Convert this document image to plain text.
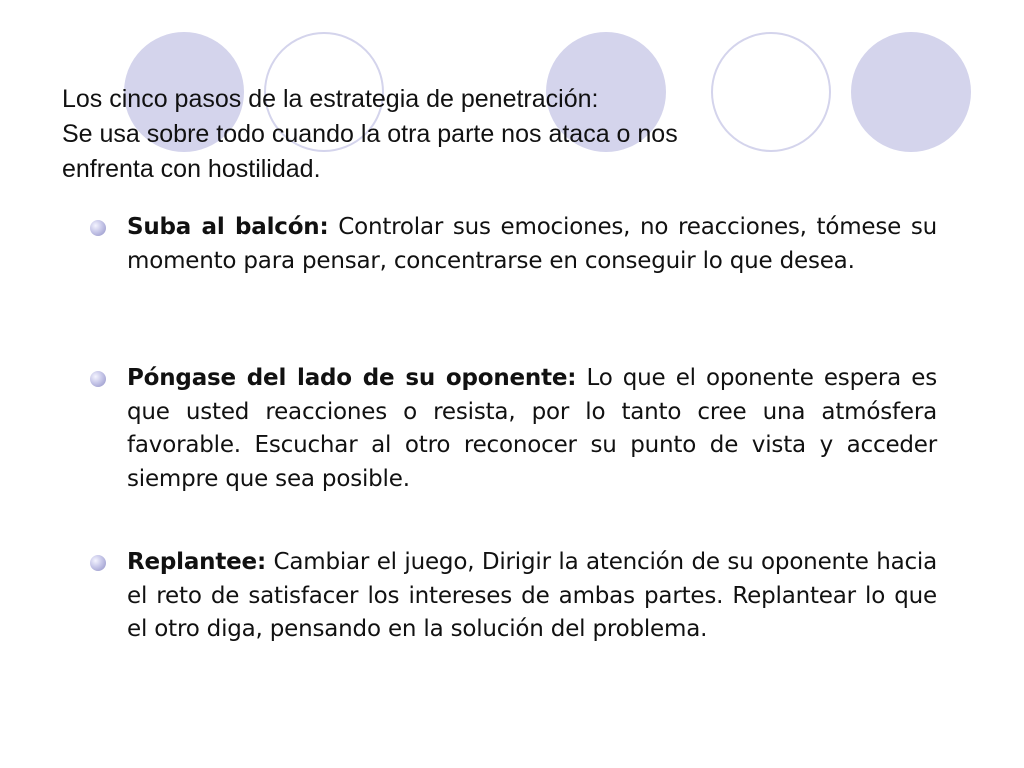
Los cinco pasos de la estrategia de penetración:
Se usa sobre todo cuando la otra parte nos ataca o nos
enfrenta con hostilidad.
Suba al balcón: Controlar sus emociones, no reacciones, tómese su momento para pensar, concentrarse en conseguir lo que desea.
Póngase del lado de su oponente: Lo que el oponente espera es que usted reacciones o resista, por lo tanto cree una atmósfera favorable. Escuchar al otro reconocer su punto de vista y acceder siempre que sea posible.
Replantee: Cambiar el juego, Dirigir la atención de su oponente hacia el reto de satisfacer los intereses de ambas partes. Replantear lo que el otro diga, pensando en la solución del problema.
